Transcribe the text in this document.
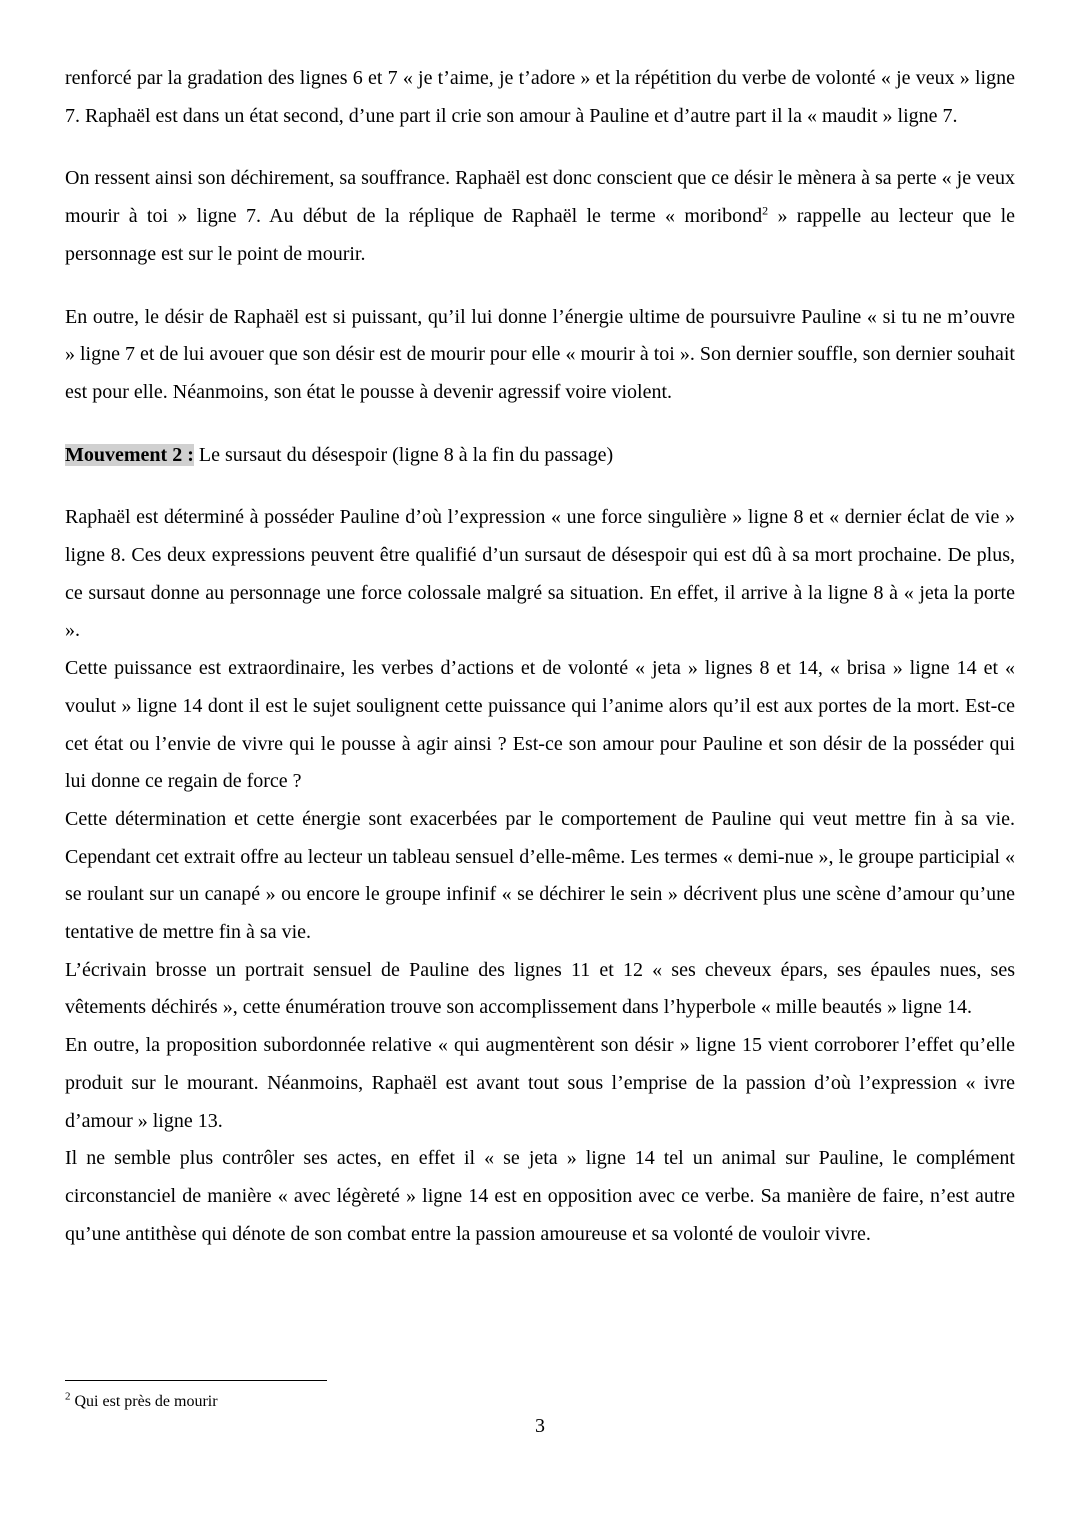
renforcé par la gradation des lignes 6 et 7 « je t’aime, je t’adore » et la répétition du verbe de volonté « je veux » ligne 7. Raphaël est dans un état second, d’une part il crie son amour à Pauline et d’autre part il la « maudit » ligne 7.

On ressent ainsi son déchirement, sa souffrance. Raphaël est donc conscient que ce désir le mènera à sa perte « je veux mourir à toi » ligne 7. Au début de la réplique de Raphaël le terme « moribond$^2$ » rappelle au lecteur que le personnage est sur le point de mourir.

En outre, le désir de Raphaël est si puissant, qu’il lui donne l’énergie ultime de poursuivre Pauline « si tu ne m’ouvre » ligne 7 et de lui avouer que son désir est de mourir pour elle « mourir à toi ». Son dernier souffle, son dernier souhait est pour elle. Néanmoins, son état le pousse à devenir agressif voire violent.

Mouvement 2 : Le sursaut du désespoir (ligne 8 à la fin du passage)

Raphaël est déterminé à posséder Pauline d’où l’expression « une force singulière » ligne 8 et « dernier éclat de vie » ligne 8. Ces deux expressions peuvent être qualifié d’un sursaut de désespoir qui est dû à sa mort prochaine. De plus, ce sursaut donne au personnage une force colossale malgré sa situation. En effet, il arrive à la ligne 8 à « jeta la porte ».

Cette puissance est extraordinaire, les verbes d’actions et de volonté « jeta » lignes 8 et 14, « brisa » ligne 14 et « voulut » ligne 14 dont il est le sujet soulignent cette puissance qui l’anime alors qu’il est aux portes de la mort. Est-ce cet état ou l’envie de vivre qui le pousse à agir ainsi ? Est-ce son amour pour Pauline et son désir de la posséder qui lui donne ce regain de force ?

Cette détermination et cette énergie sont exacerbées par le comportement de Pauline qui veut mettre fin à sa vie. Cependant cet extrait offre au lecteur un tableau sensuel d’elle-même. Les termes « demi-nue », le groupe participial « se roulant sur un canapé » ou encore le groupe infinif « se déchirer le sein » décrivent plus une scène d’amour qu’une tentative de mettre fin à sa vie.

L’écrivain brosse un portrait sensuel de Pauline des lignes 11 et 12 « ses cheveux épars, ses épaules nues, ses vêtements déchirés », cette énumération trouve son accomplissement dans l’hyperbole « mille beautés » ligne 14.

En outre, la proposition subordonnée relative « qui augmentèrent son désir » ligne 15 vient corroborer l’effet qu’elle produit sur le mourant. Néanmoins, Raphaël est avant tout sous l’emprise de la passion d’où l’expression « ivre d’amour » ligne 13.

Il ne semble plus contrôler ses actes, en effet il « se jeta » ligne 14 tel un animal sur Pauline, le complément circonstanciel de manière « avec légèreté » ligne 14 est en opposition avec ce verbe. Sa manière de faire, n’est autre qu’une antithèse qui dénote de son combat entre la passion amoureuse et sa volonté de vouloir vivre.

$^2$ Qui est près de mourir
3
